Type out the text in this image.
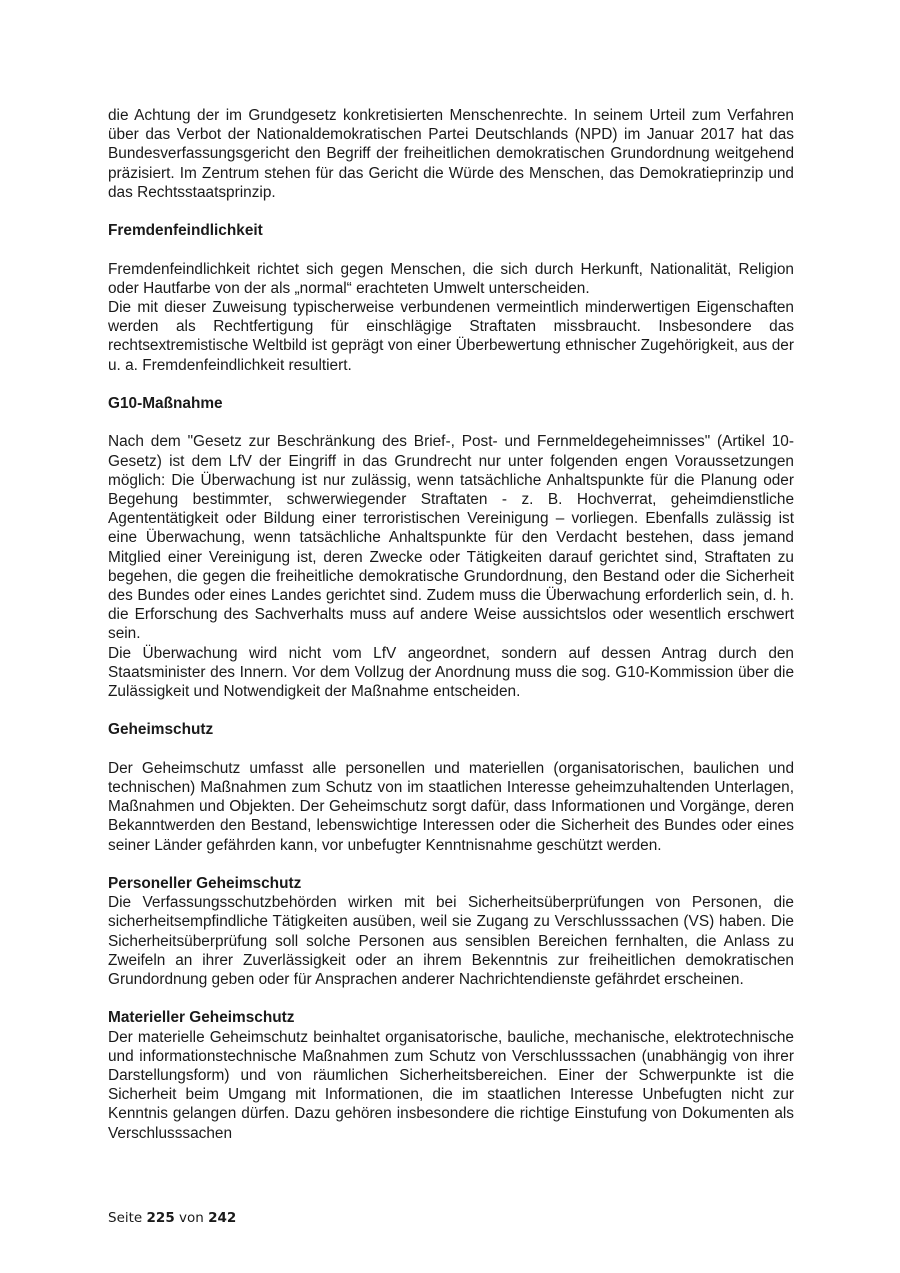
die Achtung der im Grundgesetz konkretisierten Menschenrechte. In seinem Urteil zum Verfahren über das Verbot der Nationaldemokratischen Partei Deutschlands (NPD) im Januar 2017 hat das Bundesverfassungsgericht den Begriff der freiheitlichen demokratischen Grundordnung weitgehend präzisiert. Im Zentrum stehen für das Gericht die Würde des Menschen, das Demokratieprinzip und das Rechtsstaatsprinzip.

Fremdenfeindlichkeit

Fremdenfeindlichkeit richtet sich gegen Menschen, die sich durch Herkunft, Nationalität, Religion oder Hautfarbe von der als „normal“ erachteten Umwelt unterscheiden.

Die mit dieser Zuweisung typischerweise verbundenen vermeintlich minderwertigen Eigenschaften werden als Rechtfertigung für einschlägige Straftaten missbraucht. Insbesondere das rechtsextremistische Weltbild ist geprägt von einer Überbewertung ethnischer Zugehörigkeit, aus der u. a. Fremdenfeindlichkeit resultiert.

G10-Maßnahme

Nach dem "Gesetz zur Beschränkung des Brief-, Post- und Fernmeldegeheimnisses" (Artikel 10-Gesetz) ist dem LfV der Eingriff in das Grundrecht nur unter folgenden engen Voraussetzungen möglich: Die Überwachung ist nur zulässig, wenn tatsächliche Anhaltspunkte für die Planung oder Begehung bestimmter, schwerwiegender Straftaten - z. B. Hochverrat, geheimdienstliche Agententätigkeit oder Bildung einer terroristischen Vereinigung – vorliegen. Ebenfalls zulässig ist eine Überwachung, wenn tatsächliche Anhaltspunkte für den Verdacht bestehen, dass jemand Mitglied einer Vereinigung ist, deren Zwecke oder Tätigkeiten darauf gerichtet sind, Straftaten zu begehen, die gegen die freiheitliche demokratische Grundordnung, den Bestand oder die Sicherheit des Bundes oder eines Landes gerichtet sind. Zudem muss die Überwachung erforderlich sein, d. h. die Erforschung des Sachverhalts muss auf andere Weise aussichtslos oder wesentlich erschwert sein.

Die Überwachung wird nicht vom LfV angeordnet, sondern auf dessen Antrag durch den Staatsminister des Innern. Vor dem Vollzug der Anordnung muss die sog. G10-Kommission über die Zulässigkeit und Notwendigkeit der Maßnahme entscheiden.

Geheimschutz

Der Geheimschutz umfasst alle personellen und materiellen (organisatorischen, baulichen und technischen) Maßnahmen zum Schutz von im staatlichen Interesse geheimzuhaltenden Unterlagen, Maßnahmen und Objekten. Der Geheimschutz sorgt dafür, dass Informationen und Vorgänge, deren Bekanntwerden den Bestand, lebenswichtige Interessen oder die Sicherheit des Bundes oder eines seiner Länder gefährden kann, vor unbefugter Kenntnisnahme geschützt werden.

Personeller Geheimschutz

Die Verfassungsschutzbehörden wirken mit bei Sicherheitsüberprüfungen von Personen, die sicherheitsempfindliche Tätigkeiten ausüben, weil sie Zugang zu Verschlusssachen (VS) haben. Die Sicherheitsüberprüfung soll solche Personen aus sensiblen Bereichen fernhalten, die Anlass zu Zweifeln an ihrer Zuverlässigkeit oder an ihrem Bekenntnis zur freiheitlichen demokratischen Grundordnung geben oder für Ansprachen anderer Nachrichtendienste gefährdet erscheinen.

Materieller Geheimschutz

Der materielle Geheimschutz beinhaltet organisatorische, bauliche, mechanische, elektrotechnische und informationstechnische Maßnahmen zum Schutz von Verschlusssachen (unabhängig von ihrer Darstellungsform) und von räumlichen Sicherheitsbereichen. Einer der Schwerpunkte ist die Sicherheit beim Umgang mit Informationen, die im staatlichen Interesse Unbefugten nicht zur Kenntnis gelangen dürfen. Dazu gehören insbesondere die richtige Einstufung von Dokumenten als Verschlusssachen

Seite 225 von 242
